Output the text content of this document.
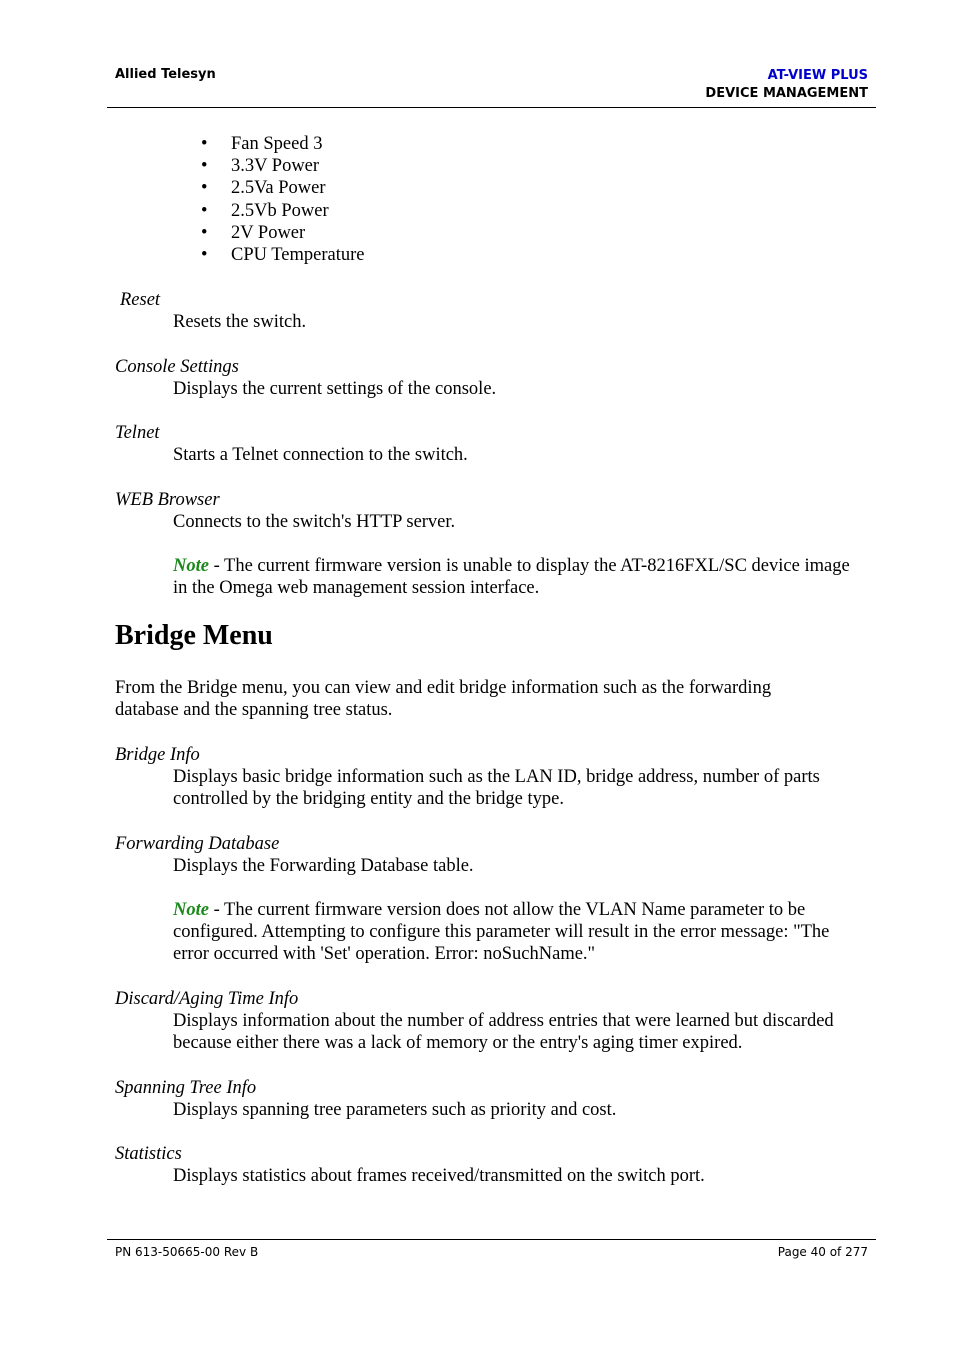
Allied Telesyn	AT-VIEW PLUS
DEVICE MANAGEMENT
• Fan Speed 3
• 3.3V Power
• 2.5Va Power
• 2.5Vb Power
• 2V Power
• CPU Temperature
Reset
Resets the switch.
Console Settings
Displays the current settings of the console.
Telnet
Starts a Telnet connection to the switch.
WEB Browser
Connects to the switch's HTTP server.
Note - The current firmware version is unable to display the AT-8216FXL/SC device image in the Omega web management session interface.
Bridge Menu
From the Bridge menu, you can view and edit bridge information such as the forwarding database and the spanning tree status.
Bridge Info
Displays basic bridge information such as the LAN ID, bridge address, number of parts controlled by the bridging entity and the bridge type.
Forwarding Database
Displays the Forwarding Database table.
Note - The current firmware version does not allow the VLAN Name parameter to be configured. Attempting to configure this parameter will result in the error message: "The error occurred with 'Set' operation. Error: noSuchName."
Discard/Aging Time Info
Displays information about the number of address entries that were learned but discarded because either there was a lack of memory or the entry's aging timer expired.
Spanning Tree Info
Displays spanning tree parameters such as priority and cost.
Statistics
Displays statistics about frames received/transmitted on the switch port.
PN 613-50665-00 Rev B	Page 40 of 277
